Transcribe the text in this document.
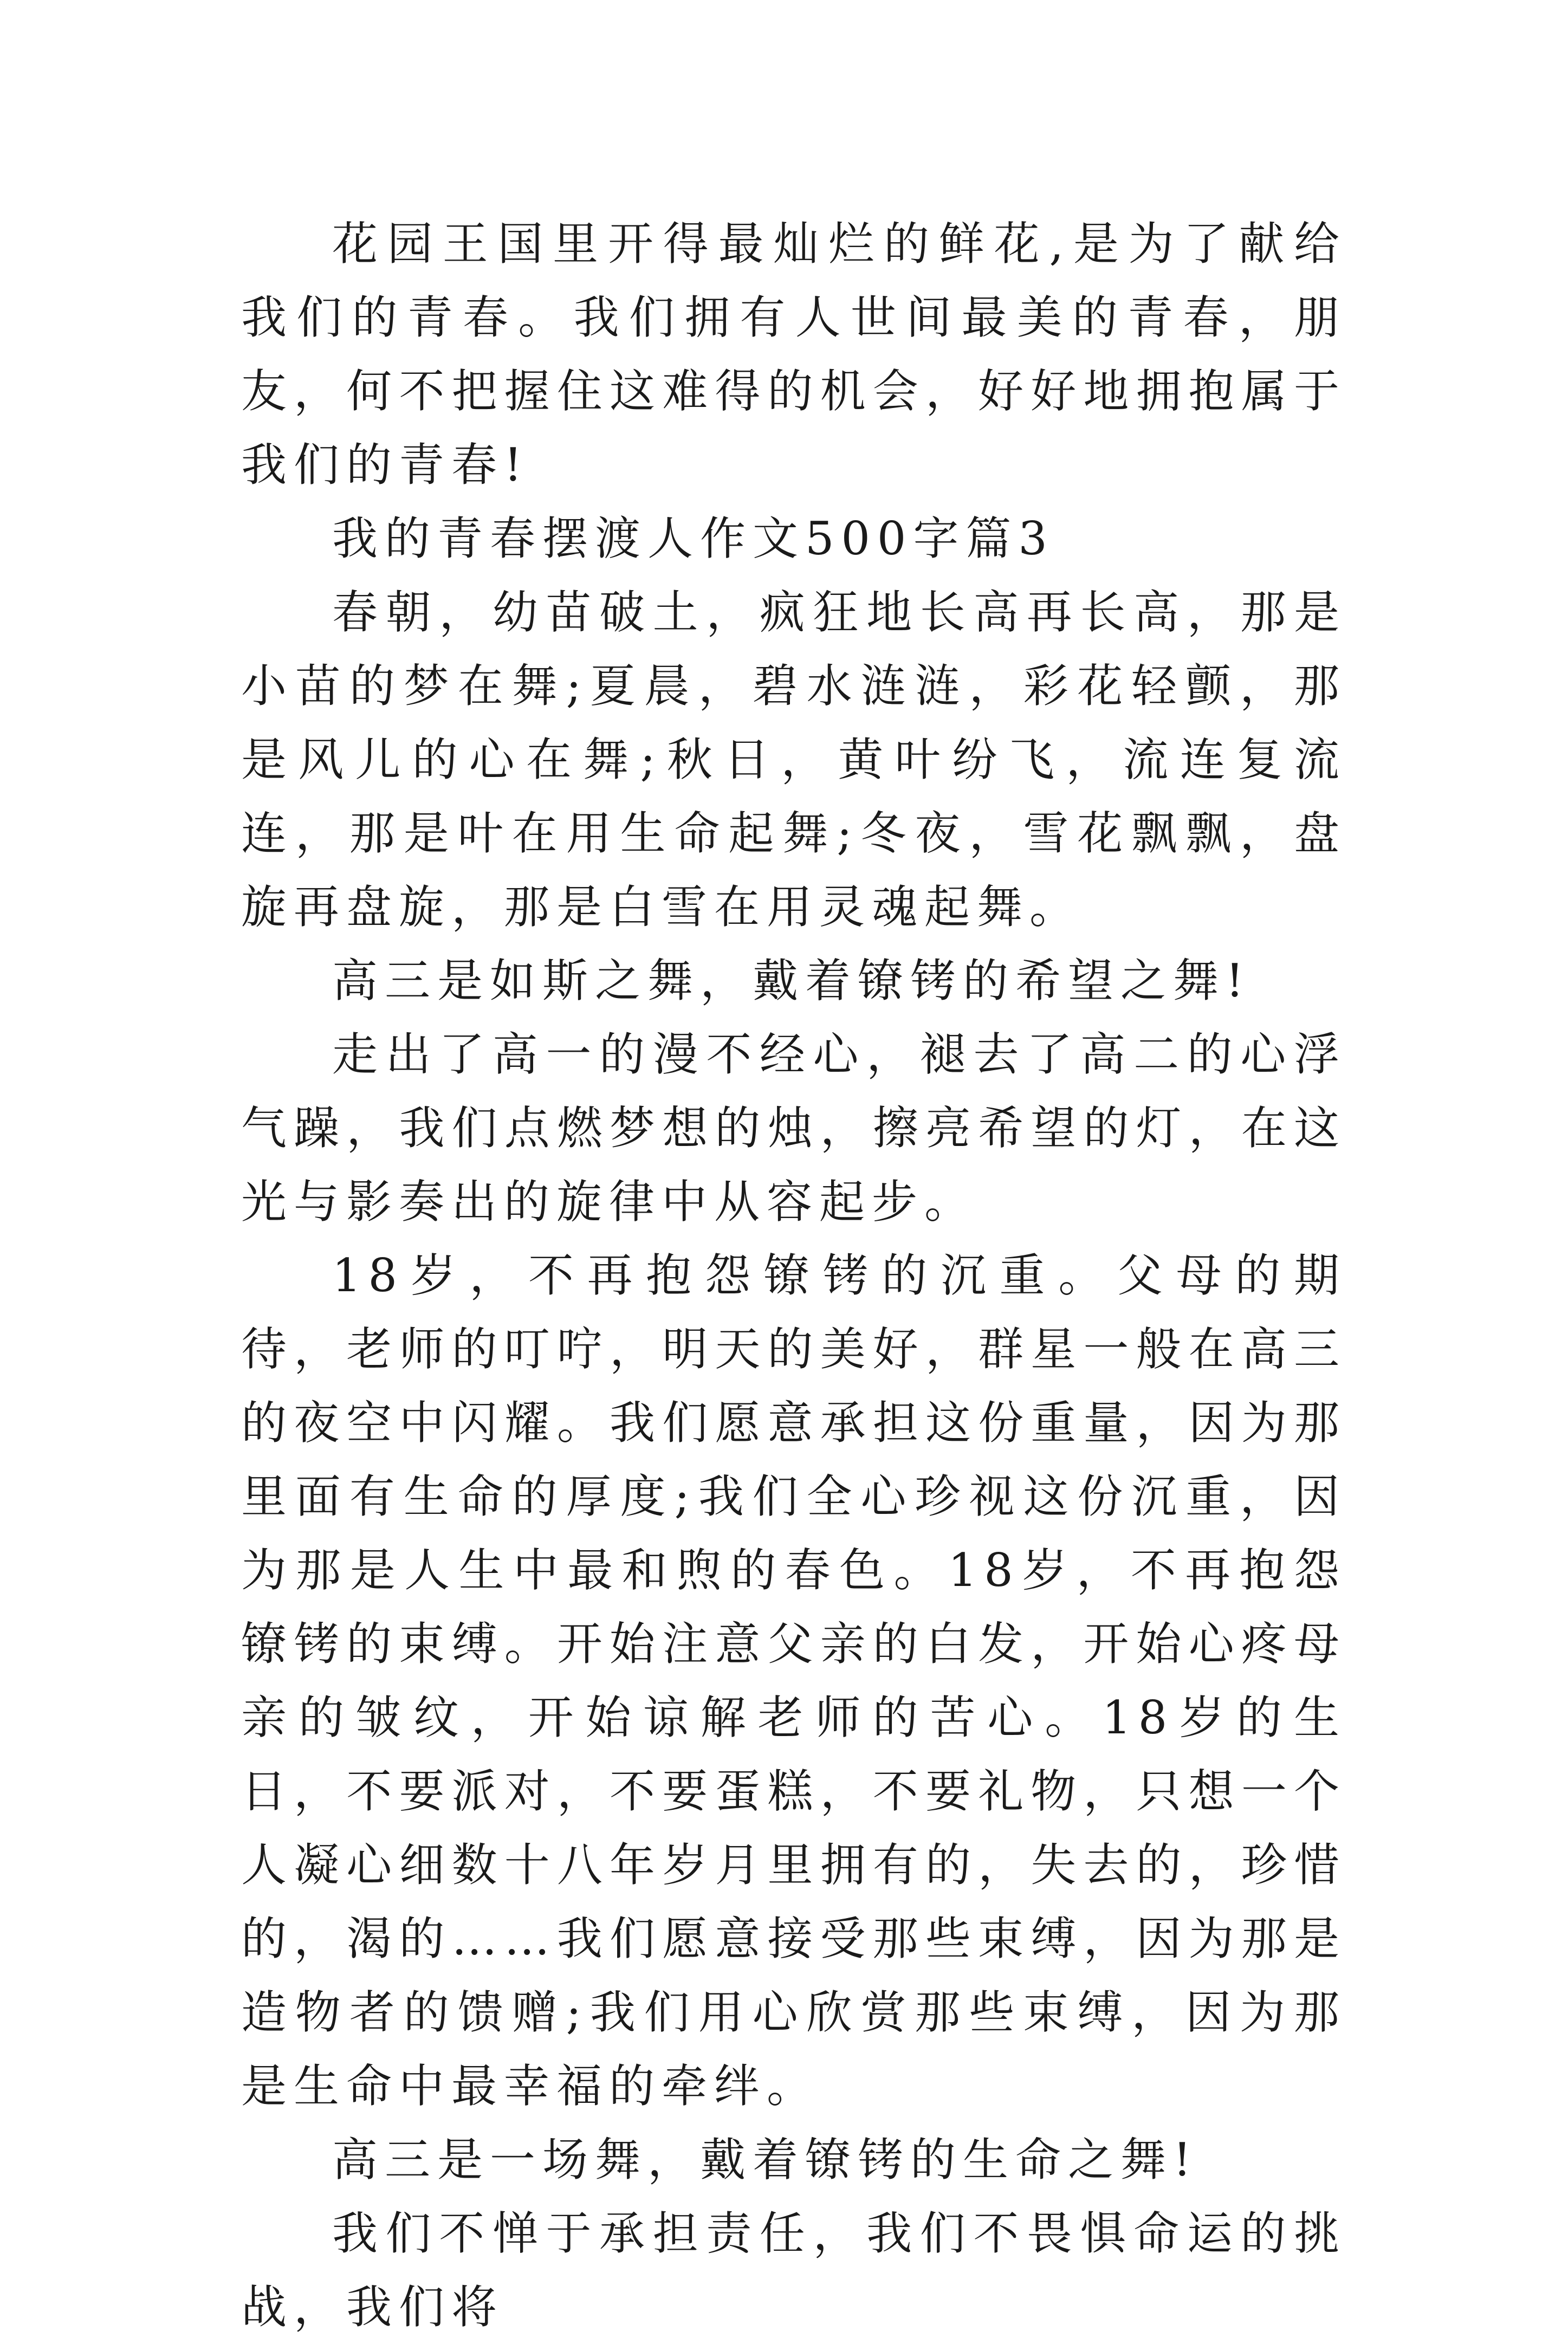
花园王国里开得最灿烂的鲜花,是为了献给我们的青春。我们拥有人世间最美的青春，朋友，何不把握住这难得的机会，好好地拥抱属于我们的青春!

我的青春摆渡人作文500字篇3

春朝，幼苗破土，疯狂地长高再长高，那是小苗的梦在舞;夏晨，碧水涟涟，彩花轻颤，那是风儿的心在舞;秋日，黄叶纷飞，流连复流连，那是叶在用生命起舞;冬夜，雪花飘飘，盘旋再盘旋，那是白雪在用灵魂起舞。

高三是如斯之舞，戴着镣铐的希望之舞!

走出了高一的漫不经心，褪去了高二的心浮气躁，我们点燃梦想的烛，擦亮希望的灯，在这光与影奏出的旋律中从容起步。

18岁，不再抱怨镣铐的沉重。父母的期待，老师的叮咛，明天的美好，群星一般在高三的夜空中闪耀。我们愿意承担这份重量，因为那里面有生命的厚度;我们全心珍视这份沉重，因为那是人生中最和煦的春色。18岁，不再抱怨镣铐的束缚。开始注意父亲的白发，开始心疼母亲的皱纹，开始谅解老师的苦心。18岁的生日，不要派对，不要蛋糕，不要礼物，只想一个人凝心细数十八年岁月里拥有的，失去的，珍惜的，渴的……我们愿意接受那些束缚，因为那是造物者的馈赠;我们用心欣赏那些束缚，因为那是生命中最幸福的牵绊。

高三是一场舞，戴着镣铐的生命之舞!

我们不惮于承担责任，我们不畏惧命运的挑战，我们将
